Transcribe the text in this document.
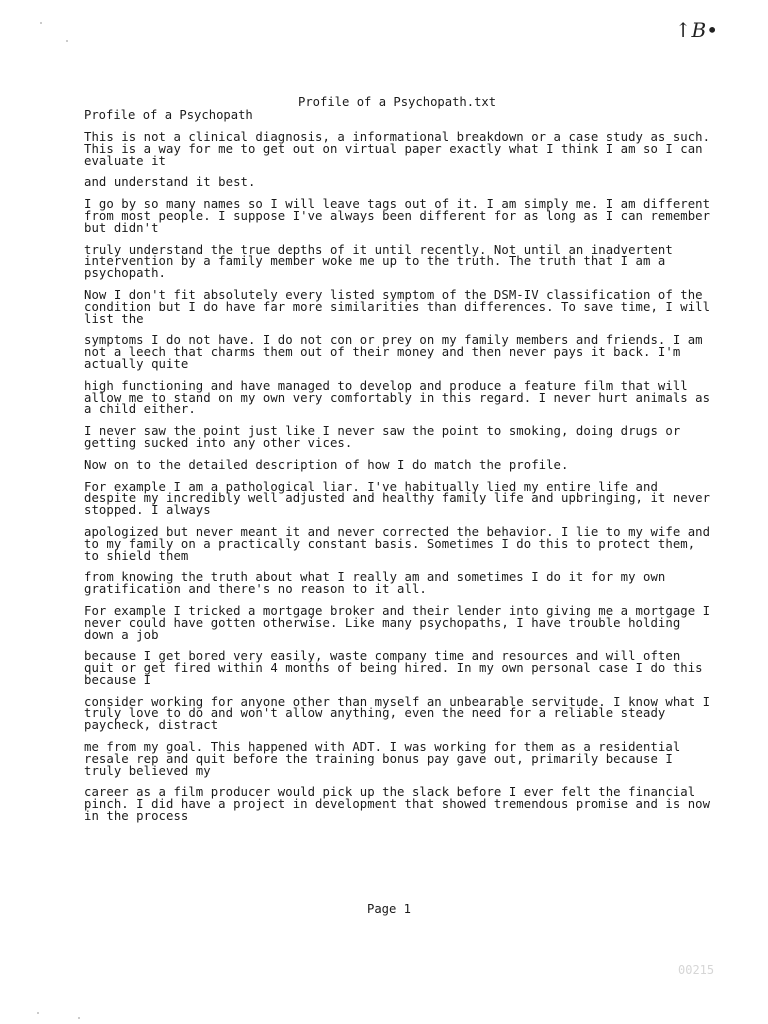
↑B•
Profile of a Psychopath.txt
Profile of a Psychopath
This is not a clinical diagnosis, a informational breakdown or a case study as such.
This is a way for me to get out on virtual paper exactly what I think I am so I can
evaluate it
and understand it best.
I go by so many names so I will leave tags out of it. I am simply me. I am different
from most people. I suppose I've always been different for as long as I can remember
but didn't
truly understand the true depths of it until recently. Not until an inadvertent
intervention by a family member woke me up to the truth. The truth that I am a
psychopath.
Now I don't fit absolutely every listed symptom of the DSM-IV classification of the
condition but I do have far more similarities than differences. To save time, I will
list the
symptoms I do not have. I do not con or prey on my family members and friends. I am
not a leech that charms them out of their money and then never pays it back. I'm
actually quite
high functioning and have managed to develop and produce a feature film that will
allow me to stand on my own very comfortably in this regard. I never hurt animals as
a child either.
I never saw the point just like I never saw the point to smoking, doing drugs or
getting sucked into any other vices.
Now on to the detailed description of how I do match the profile.
For example I am a pathological liar. I've habitually lied my entire life and
despite my incredibly well adjusted and healthy family life and upbringing, it never
stopped. I always
apologized but never meant it and never corrected the behavior. I lie to my wife and
to my family on a practically constant basis. Sometimes I do this to protect them,
to shield them
from knowing the truth about what I really am and sometimes I do it for my own
gratification and there's no reason to it all.
For example I tricked a mortgage broker and their lender into giving me a mortgage I
never could have gotten otherwise. Like many psychopaths, I have trouble holding
down a job
because I get bored very easily, waste company time and resources and will often
quit or get fired within 4 months of being hired. In my own personal case I do this
because I
consider working for anyone other than myself an unbearable servitude. I know what I
truly love to do and won't allow anything, even the need for a reliable steady
paycheck, distract
me from my goal. This happened with ADT. I was working for them as a residential
resale rep and quit before the training bonus pay gave out, primarily because I
truly believed my
career as a film producer would pick up the slack before I ever felt the financial
pinch. I did have a project in development that showed tremendous promise and is now
in the process
Page 1
00215
